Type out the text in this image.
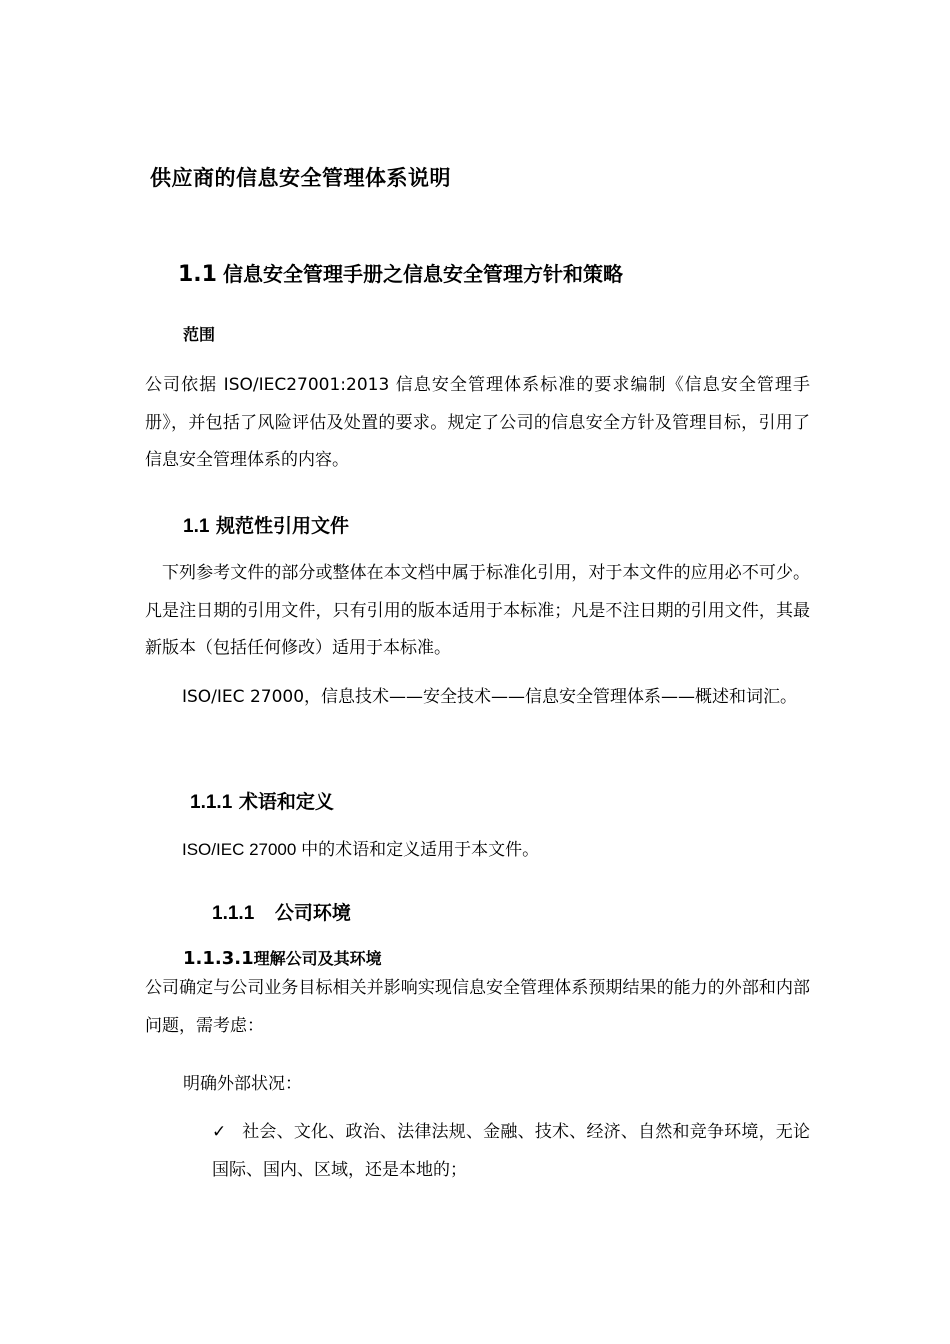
供应商的信息安全管理体系说明
1.1 信息安全管理手册之信息安全管理方针和策略
范围

公司依据 ISO/IEC27001:2013 信息安全管理体系标准的要求编制《信息安全管理手册》，并包括了风险评估及处置的要求。规定了公司的信息安全方针及管理目标，引用了信息安全管理体系的内容。

1.1 规范性引用文件

下列参考文件的部分或整体在本文档中属于标准化引用，对于本文件的应用必不可少。凡是注日期的引用文件，只有引用的版本适用于本标准；凡是不注日期的引用文件，其最新版本（包括任何修改）适用于本标准。

ISO/IEC 27000，信息技术——安全技术——信息安全管理体系——概述和词汇。

1.1.1 术语和定义
ISO/IEC 27000 中的术语和定义适用于本文件。
1.1.1 公司环境
1.1.3.1理解公司及其环境

公司确定与公司业务目标相关并影响实现信息安全管理体系预期结果的能力的外部和内部问题，需考虑：

明确外部状况：

✓ 社会、文化、政治、法律法规、金融、技术、经济、自然和竞争环境，无论国际、国内、区域，还是本地的；
